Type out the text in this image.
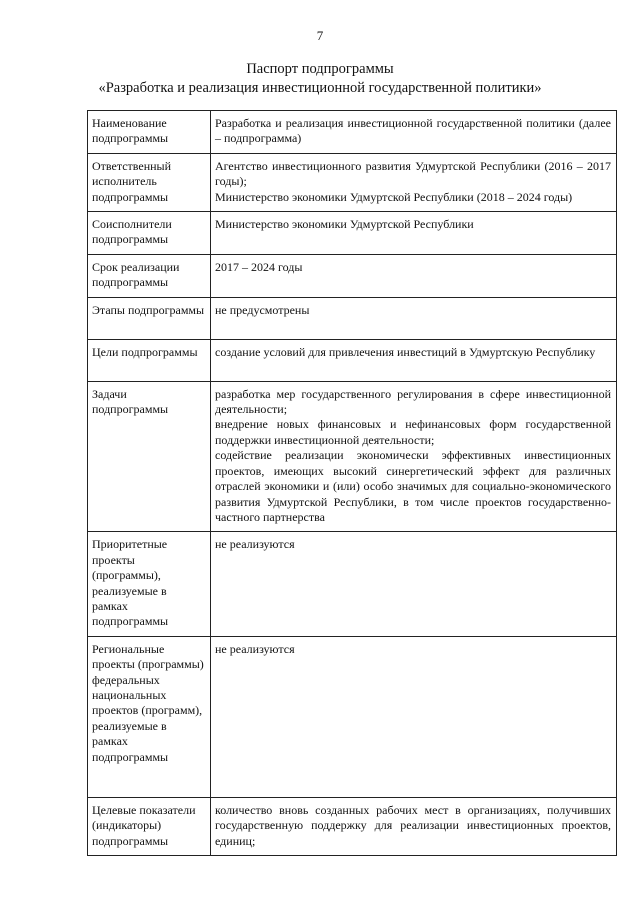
7
Паспорт подпрограммы
«Разработка и реализация инвестиционной государственной политики»
Наименование подпрограммы	Разработка и реализация инвестиционной государственной политики (далее – подпрограмма)

Ответственный исполнитель подпрограммы	Агентство инвестиционного развития Удмуртской Республики (2016 – 2017 годы);
Министерство экономики Удмуртской Республики (2018 – 2024 годы)

Соисполнители подпрограммы	Министерство экономики Удмуртской Республики

Срок реализации подпрограммы	2017 – 2024 годы

Этапы подпрограммы	не предусмотрены

Цели подпрограммы	создание условий для привлечения инвестиций в Удмуртскую Республику

Задачи подпрограммы	разработка мер государственного регулирования в сфере инвестиционной деятельности;
внедрение новых финансовых и нефинансовых форм государственной поддержки инвестиционной деятельности;
содействие реализации экономически эффективных инвестиционных проектов, имеющих высокий синергетический эффект для различных отраслей экономики и (или) особо значимых для социально-экономического развития Удмуртской Республики, в том числе проектов государственно-частного партнерства

Приоритетные проекты (программы), реализуемые в рамках подпрограммы	не реализуются

Региональные проекты (программы) федеральных национальных проектов (программ), реализуемые в рамках подпрограммы	не реализуются

Целевые показатели (индикаторы) подпрограммы	количество вновь созданных рабочих мест в организациях, получивших государственную поддержку для реализации инвестиционных проектов, единиц;
